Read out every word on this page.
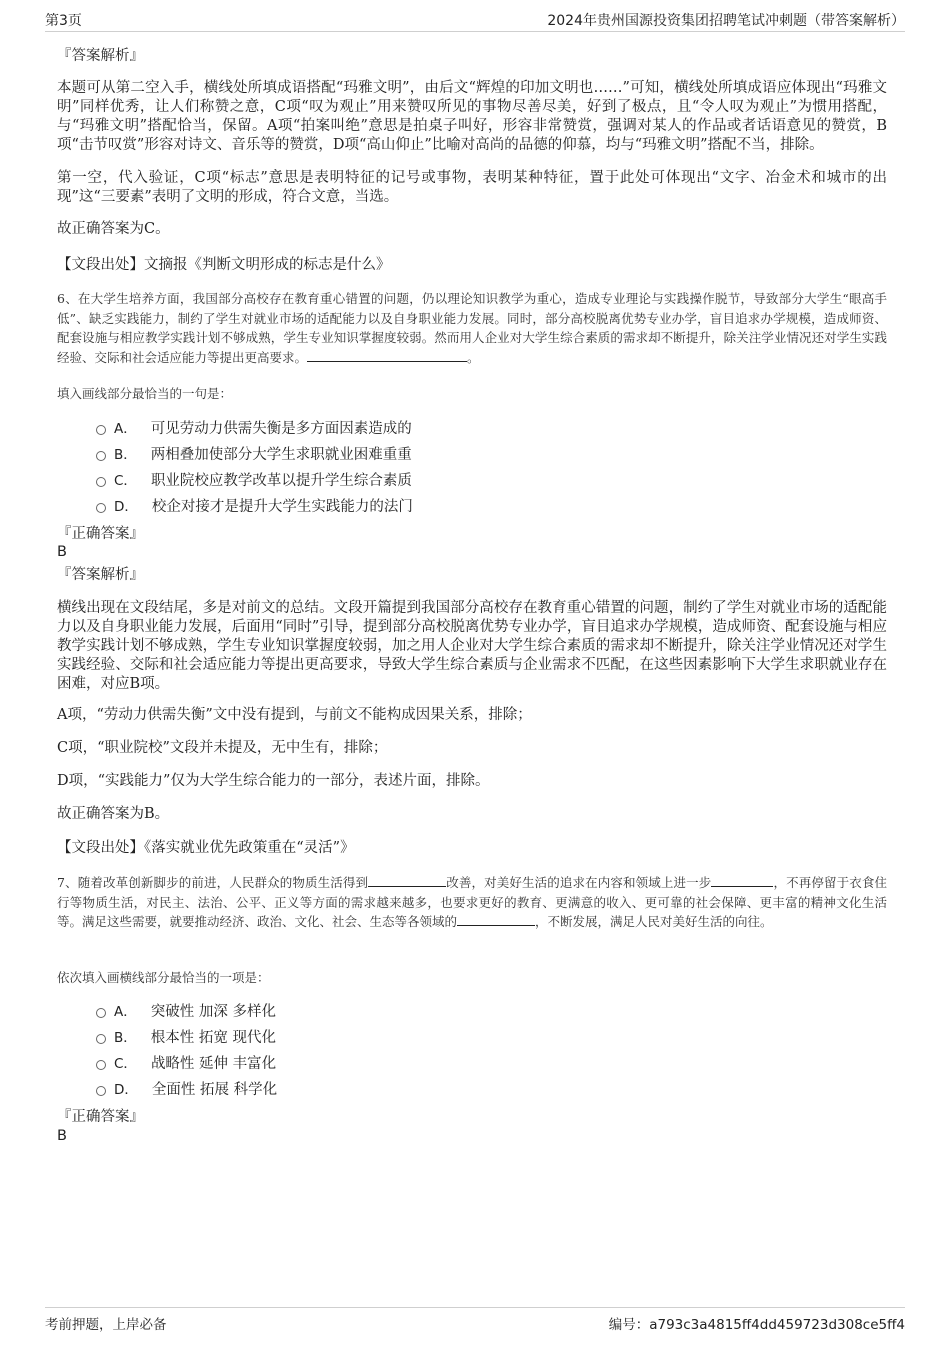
第3页	2024年贵州国源投资集团招聘笔试冲刺题（带答案解析）
『答案解析』
本题可从第二空入手，横线处所填成语搭配“玛雅文明”，由后文“辉煌的印加文明也……”可知，横线处所填成语应体现出“玛雅文明”同样优秀，让人们称赞之意，C项“叹为观止”用来赞叹所见的事物尽善尽美，好到了极点，且“令人叹为观止”为惯用搭配，与“玛雅文明”搭配恰当，保留。A项“拍案叫绝”意思是拍桌子叫好，形容非常赞赏，强调对某人的作品或者话语意见的赞赏，B项“击节叹赏”形容对诗文、音乐等的赞赏，D项“高山仰止”比喻对高尚的品德的仰慕，均与“玛雅文明”搭配不当，排除。
第一空，代入验证，C项“标志”意思是表明特征的记号或事物，表明某种特征，置于此处可体现出“文字、冶金术和城市的出现”这“三要素”表明了文明的形成，符合文意，当选。
故正确答案为C。
【文段出处】文摘报《判断文明形成的标志是什么》
6、在大学生培养方面，我国部分高校存在教育重心错置的问题，仍以理论知识教学为重心，造成专业理论与实践操作脱节，导致部分大学生“眼高手低”、缺乏实践能力，制约了学生对就业市场的适配能力以及自身职业能力发展。同时，部分高校脱离优势专业办学，盲目追求办学规模，造成师资、配套设施与相应教学实践计划不够成熟，学生专业知识掌握度较弱。然而用人企业对大学生综合素质的需求却不断提升，除关注学业情况还对学生实践经验、交际和社会适应能力等提出更高要求。	。
填入画线部分最恰当的一句是：
A． 可见劳动力供需失衡是多方面因素造成的
B． 两相叠加使部分大学生求职就业困难重重
C． 职业院校应教学改革以提升学生综合素质
D． 校企对接才是提升大学生实践能力的法门
『正确答案』
B
『答案解析』
横线出现在文段结尾，多是对前文的总结。文段开篇提到我国部分高校存在教育重心错置的问题，制约了学生对就业市场的适配能力以及自身职业能力发展，后面用“同时”引导，提到部分高校脱离优势专业办学，盲目追求办学规模，造成师资、配套设施与相应教学实践计划不够成熟，学生专业知识掌握度较弱，加之用人企业对大学生综合素质的需求却不断提升，除关注学业情况还对学生实践经验、交际和社会适应能力等提出更高要求，导致大学生综合素质与企业需求不匹配，在这些因素影响下大学生求职就业存在困难，对应B项。
A项，“劳动力供需失衡”文中没有提到，与前文不能构成因果关系，排除；
C项，“职业院校”文段并未提及，无中生有，排除；
D项，“实践能力”仅为大学生综合能力的一部分，表述片面，排除。
故正确答案为B。
【文段出处】《落实就业优先政策重在“灵活”》
7、随着改革创新脚步的前进，人民群众的物质生活得到	改善，对美好生活的追求在内容和领域上进一步	，不再停留于衣食住行等物质生活，对民主、法治、公平、正义等方面的需求越来越多，也要求更好的教育、更满意的收入、更可靠的社会保障、更丰富的精神文化生活等。满足这些需要，就要推动经济、政治、文化、社会、生态等各领域的	，不断发展，满足人民对美好生活的向往。
依次填入画横线部分最恰当的一项是：
A． 突破性 加深 多样化
B． 根本性 拓宽 现代化
C． 战略性 延伸 丰富化
D． 全面性 拓展 科学化
『正确答案』
B
考前押题，上岸必备	编号：a793c3a4815ff4dd459723d308ce5ff4
